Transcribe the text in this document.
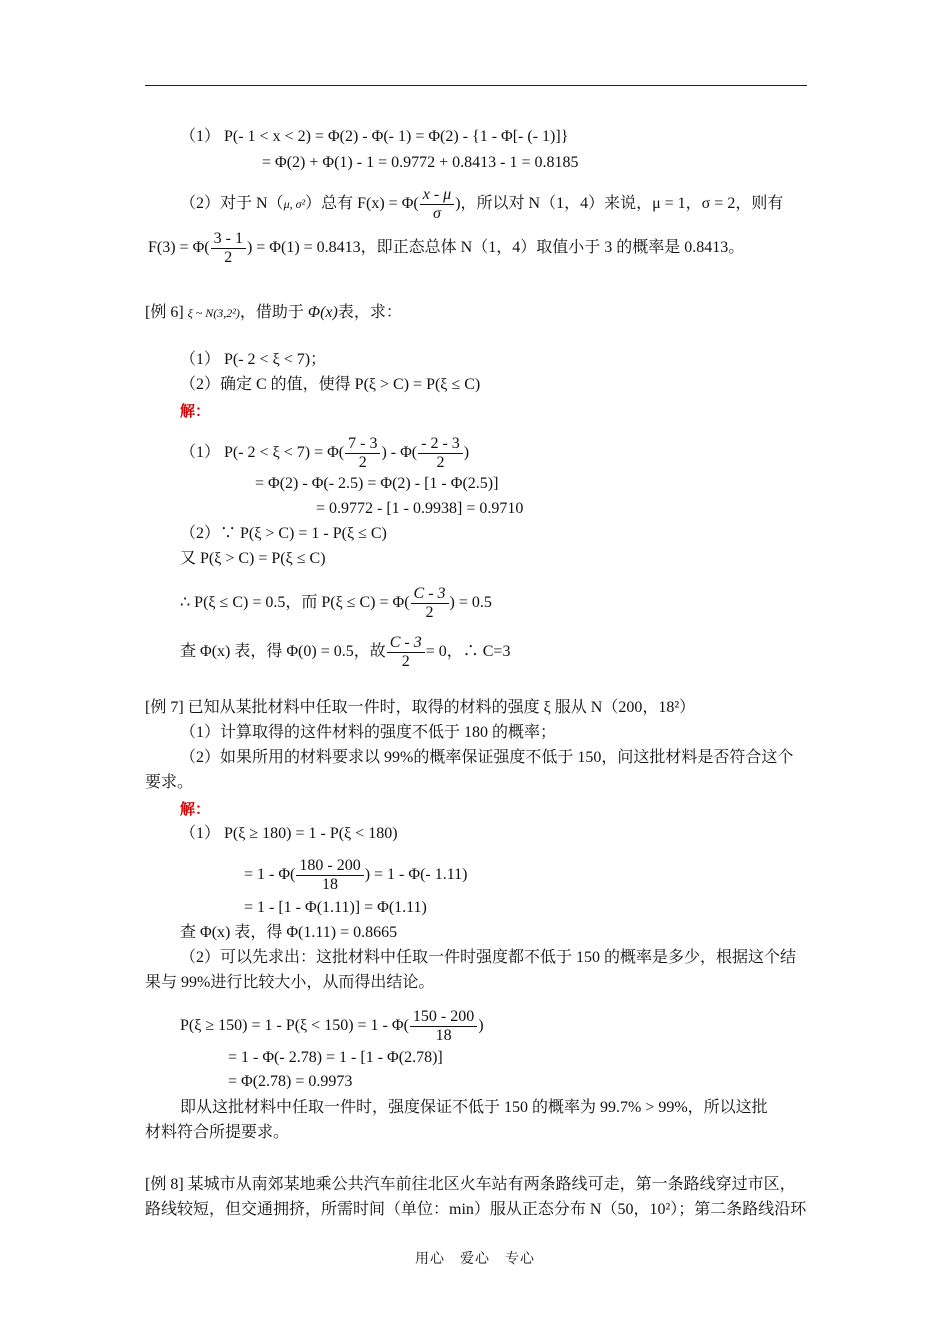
（1） P(- 1 < x < 2) = Φ(2) - Φ(- 1) = Φ(2) - {1 - Φ[- (- 1)]}
= Φ(2) + Φ(1) - 1 = 0.9772 + 0.8413 - 1 = 0.8185
（2）对于 N（μ, σ²）总有 $F(x) = \Phi( \frac{x - \mu}{\sigma}$ )，所以对 N（1，4）来说，μ = 1，σ = 2，则有
$F(3) = \Phi( \frac{3 - 1}{2}$ ) = Φ(1) = 0.8413，即正态总体 N（1，4）取值小于 3 的概率是 0.8413。
[例 6] ξ ~ N(3,2²)，借助于 Φ(x)表，求：
（1） P(- 2 < ξ < 7)；
（2）确定 C 的值，使得 P(ξ > C) = P(ξ ≤ C)
解：
（1） P(- $2 < \xi < 7) = \Phi( \frac{7 - 3}{2}$ ) - $\Phi( \frac{- 2 - 3}{2}$ )
= Φ(2) - Φ(- 2.5) = Φ(2) - [1 - Φ(2.5)]
= 0.9772 - [1 - 0.9938] = 0.9710
（2）∵ P(ξ > C) = 1 - P(ξ ≤ C)
又 P(ξ > C) = P(ξ ≤ C)
∴ P(ξ ≤ C) = 0.5，而 $P(\xi \le C) = \Phi( \frac{C - 3}{2}$ ) = 0.5
查 Φ(x) 表，得 Φ(0) = 0.5，故 $\frac{C - 3}{2} = 0$，∴ C=3
[例 7] 已知从某批材料中任取一件时，取得的材料的强度 ξ 服从 N（200，18²）
（1）计算取得的这件材料的强度不低于 180 的概率；
（2）如果所用的材料要求以 99%的概率保证强度不低于 150，问这批材料是否符合这个
要求。
解：
（1） P(ξ ≥ 180) = 1 - P(ξ < 180)
= $1 - \Phi( \frac{180 - 200}{18}$ ) = 1 - Φ(- 1.11)
= 1 - [1 - Φ(1.11)] = Φ(1.11)
查 Φ(x) 表，得 Φ(1.11) = 0.8665
（2）可以先求出：这批材料中任取一件时强度都不低于 150 的概率是多少，根据这个结
果与 99%进行比较大小，从而得出结论。
$P(\xi \ge 150) = 1 - P(\xi < 150) = 1 - \Phi( \frac{150 - 200}{18}$ )
= 1 - Φ(- 2.78) = 1 - [1 - Φ(2.78)]
= Φ(2.78) = 0.9973
即从这批材料中任取一件时，强度保证不低于 150 的概率为 99.7% > 99%，所以这批
材料符合所提要求。
[例 8] 某城市从南郊某地乘公共汽车前往北区火车站有两条路线可走，第一条路线穿过市区，
路线较短，但交通拥挤，所需时间（单位：min）服从正态分布 N（50，10²）；第二条路线沿环
用心　爱心　专心
